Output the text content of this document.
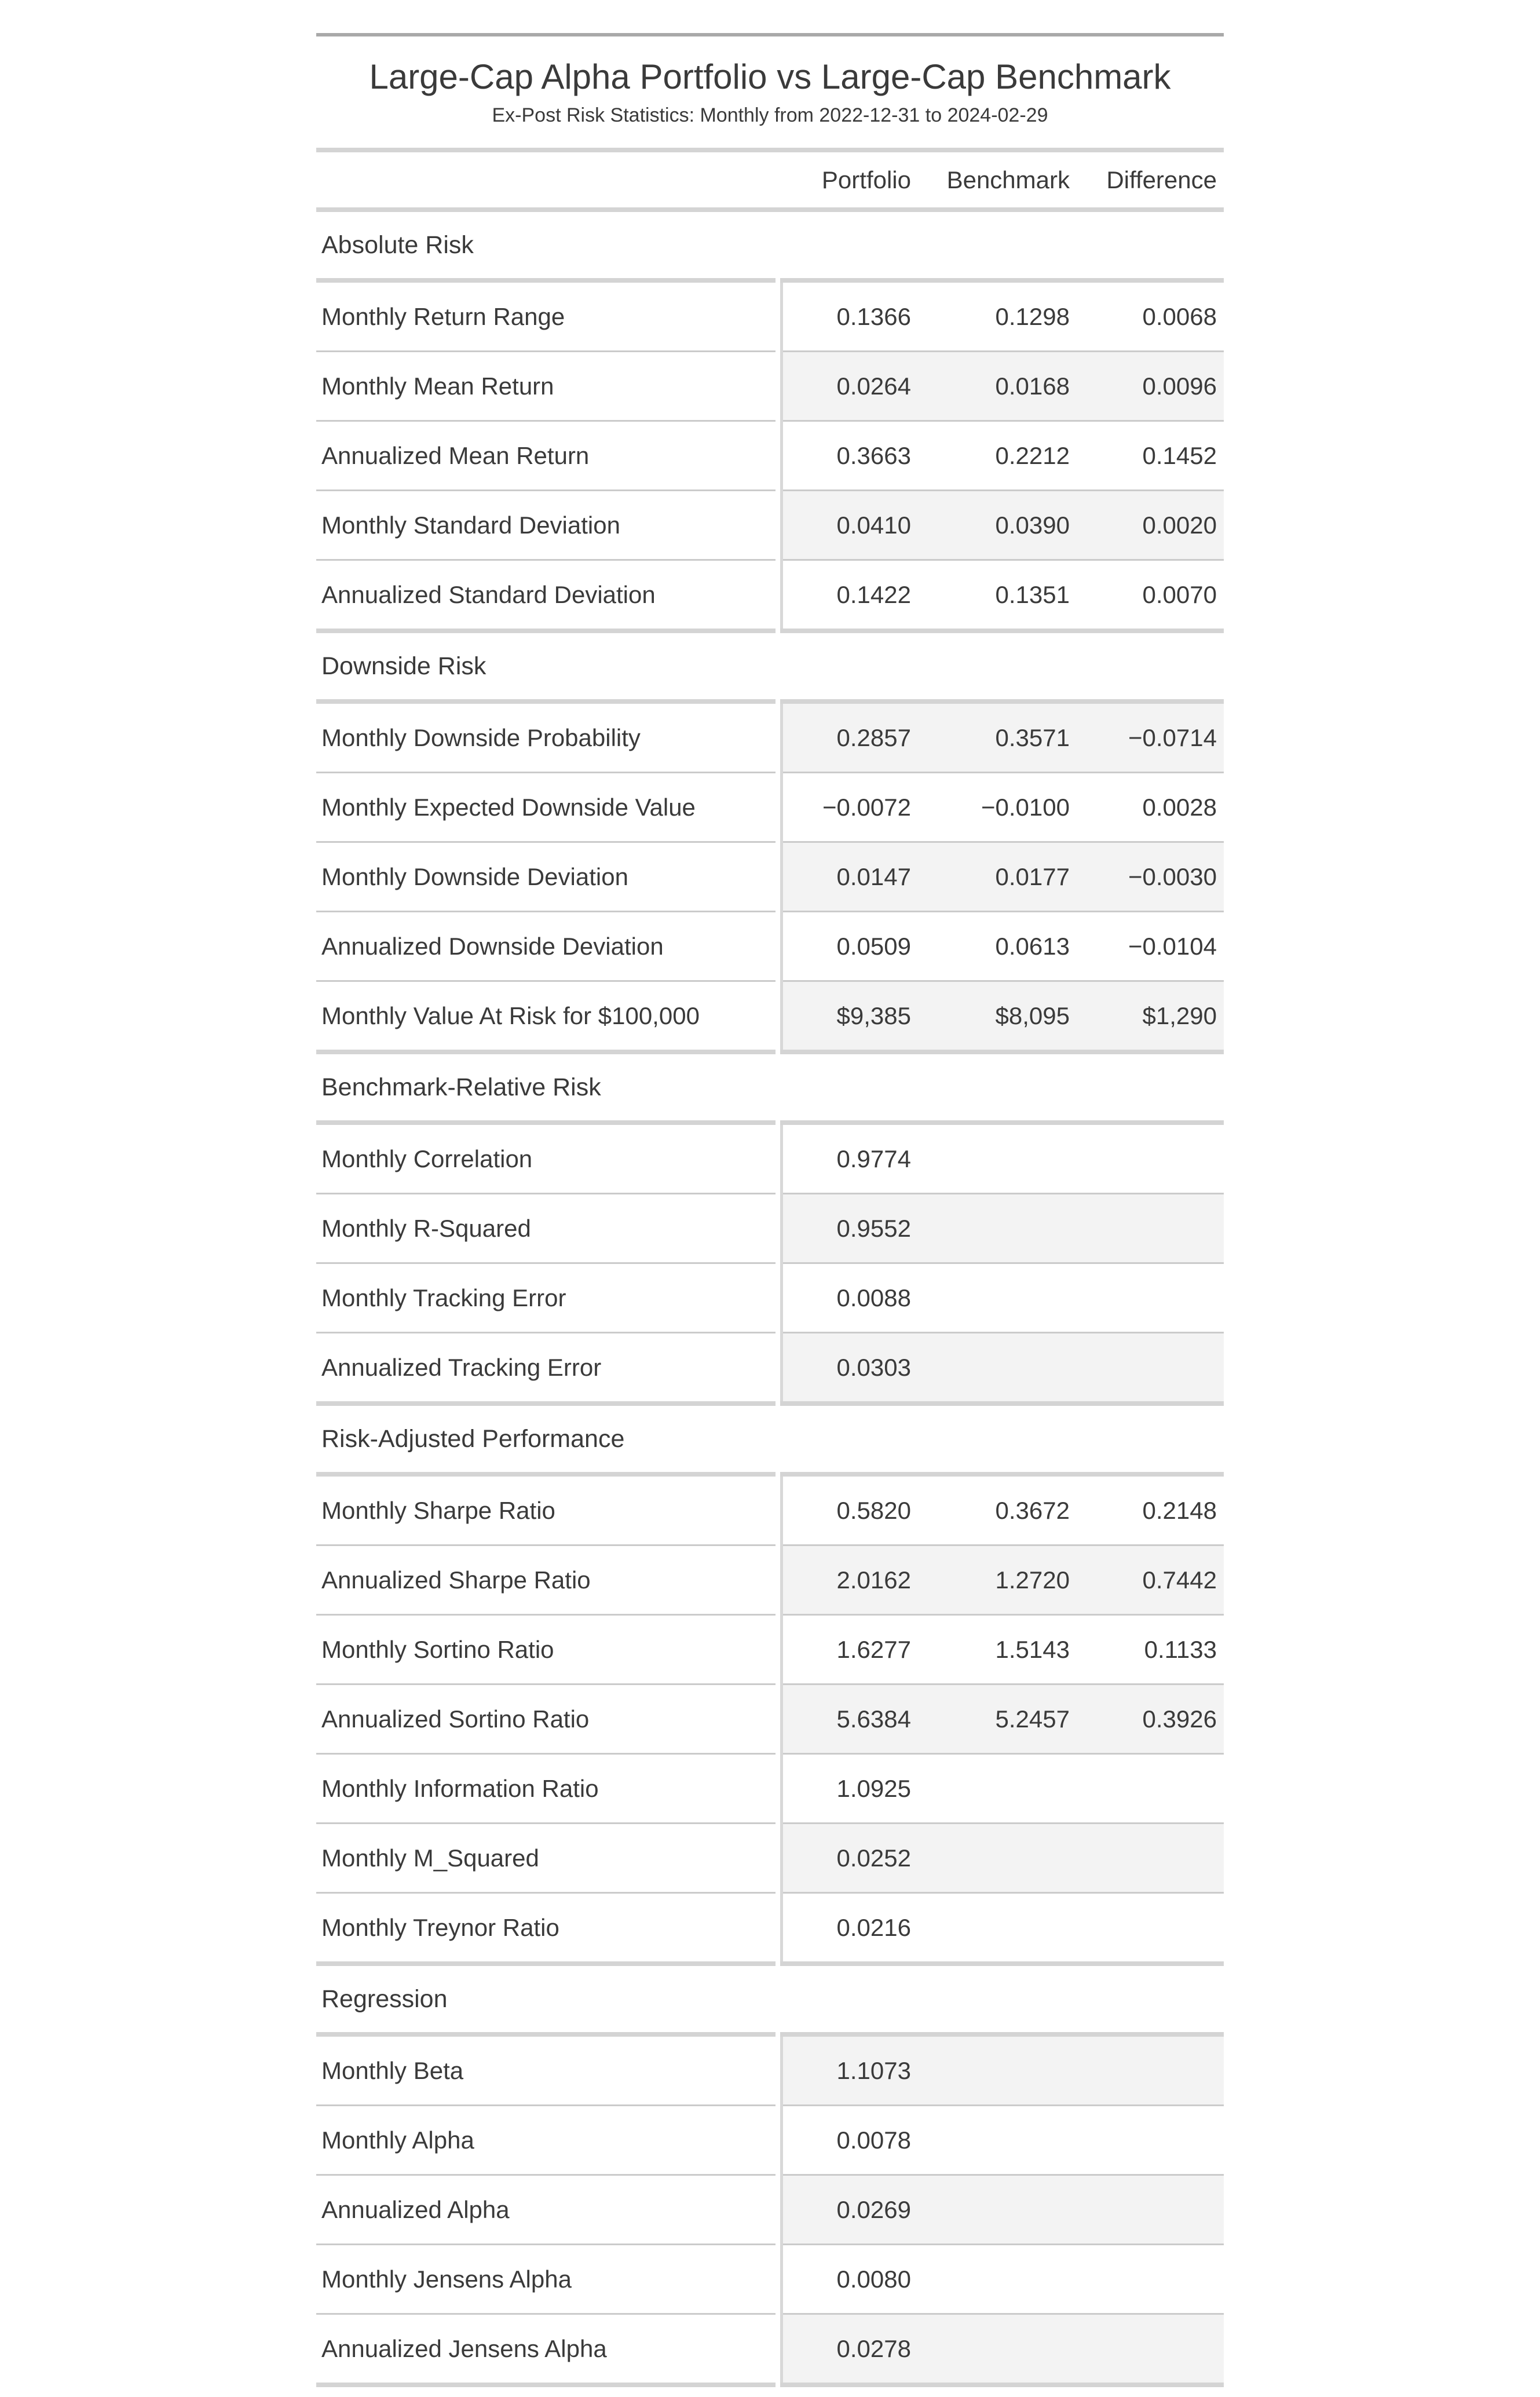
Large-Cap Alpha Portfolio vs Large-Cap Benchmark
Ex-Post Risk Statistics: Monthly from 2022-12-31 to 2024-02-29
Portfolio	Benchmark	Difference
Absolute Risk
Monthly Return Range	0.1366	0.1298	0.0068
Monthly Mean Return	0.0264	0.0168	0.0096
Annualized Mean Return	0.3663	0.2212	0.1452
Monthly Standard Deviation	0.0410	0.0390	0.0020
Annualized Standard Deviation	0.1422	0.1351	0.0070
Downside Risk
Monthly Downside Probability	0.2857	0.3571	−0.0714
Monthly Expected Downside Value	−0.0072	−0.0100	0.0028
Monthly Downside Deviation	0.0147	0.0177	−0.0030
Annualized Downside Deviation	0.0509	0.0613	−0.0104
Monthly Value At Risk for $100,000	$9,385	$8,095	$1,290
Benchmark-Relative Risk
Monthly Correlation	0.9774
Monthly R-Squared	0.9552
Monthly Tracking Error	0.0088
Annualized Tracking Error	0.0303
Risk-Adjusted Performance
Monthly Sharpe Ratio	0.5820	0.3672	0.2148
Annualized Sharpe Ratio	2.0162	1.2720	0.7442
Monthly Sortino Ratio	1.6277	1.5143	0.1133
Annualized Sortino Ratio	5.6384	5.2457	0.3926
Monthly Information Ratio	1.0925
Monthly M_Squared	0.0252
Monthly Treynor Ratio	0.0216
Regression
Monthly Beta	1.1073
Monthly Alpha	0.0078
Annualized Alpha	0.0269
Monthly Jensens Alpha	0.0080
Annualized Jensens Alpha	0.0278
